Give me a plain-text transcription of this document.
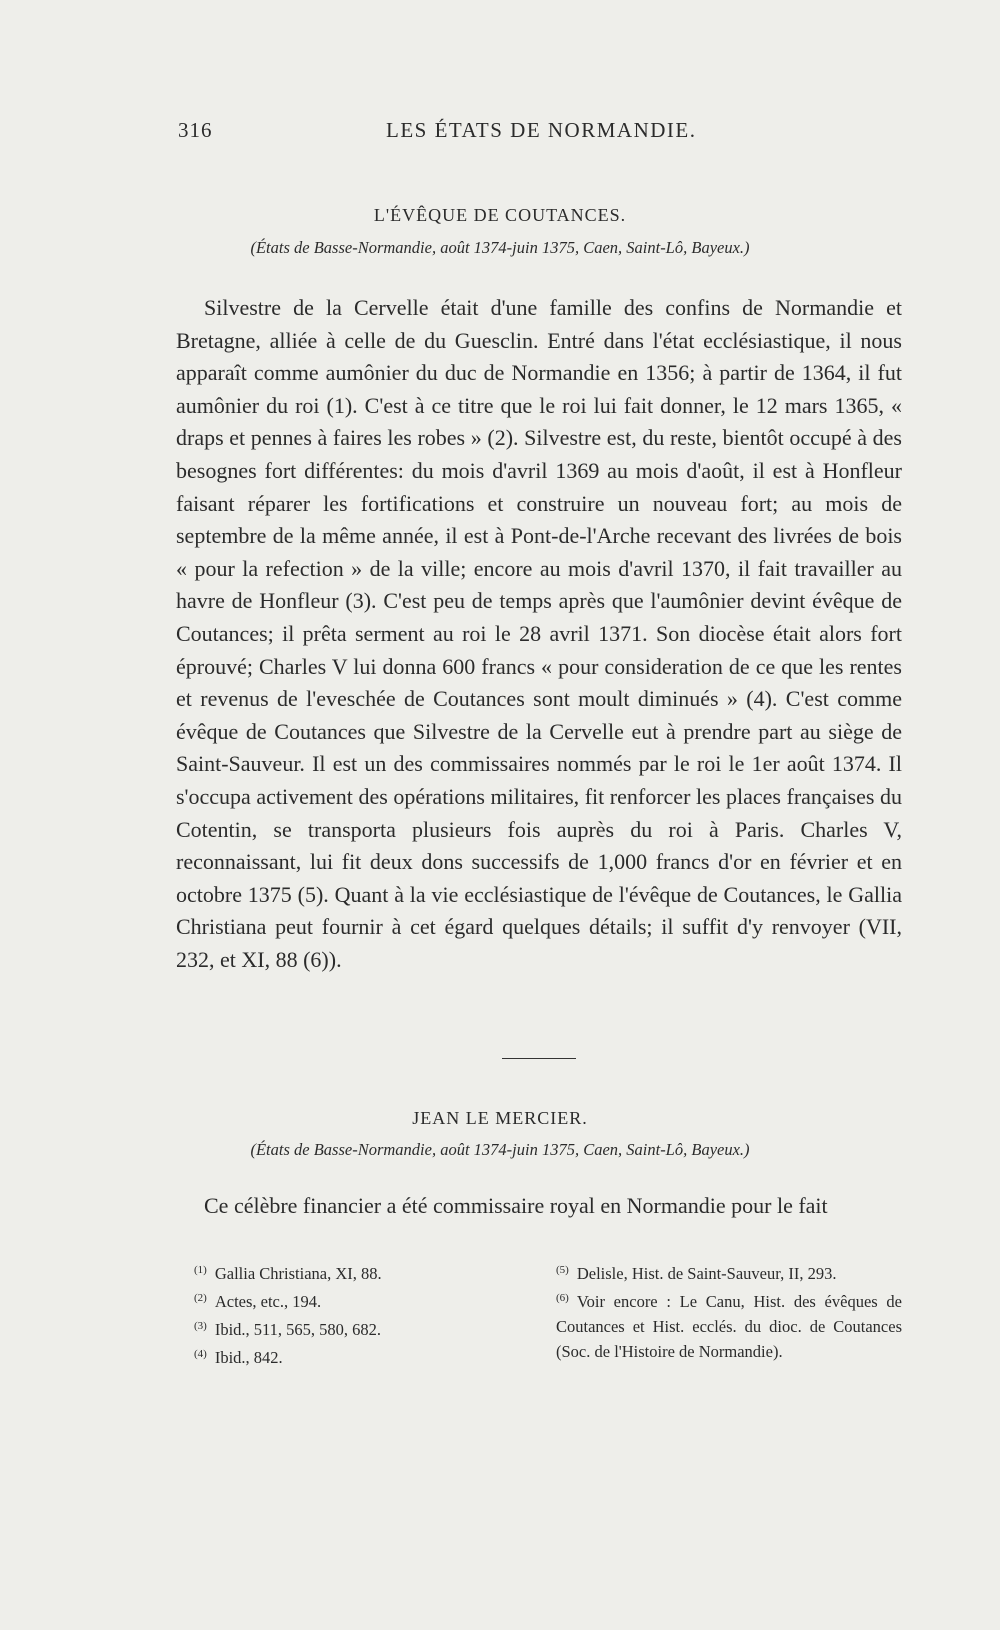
316	LES ÉTATS DE NORMANDIE.
L'ÉVÊQUE DE COUTANCES.
(États de Basse-Normandie, août 1374-juin 1375, Caen, Saint-Lô, Bayeux.)

Silvestre de la Cervelle était d'une famille des confins de Normandie et Bretagne, alliée à celle de du Guesclin. Entré dans l'état ecclésiastique, il nous apparaît comme aumônier du duc de Normandie en 1356; à partir de 1364, il fut aumônier du roi (1). C'est à ce titre que le roi lui fait donner, le 12 mars 1365, « draps et pennes à faires les robes » (2). Silvestre est, du reste, bientôt occupé à des besognes fort différentes: du mois d'avril 1369 au mois d'août, il est à Honfleur faisant réparer les fortifications et construire un nouveau fort; au mois de septembre de la même année, il est à Pont-de-l'Arche recevant des livrées de bois « pour la refection » de la ville; encore au mois d'avril 1370, il fait travailler au havre de Honfleur (3). C'est peu de temps après que l'aumônier devint évêque de Coutances; il prêta serment au roi le 28 avril 1371. Son diocèse était alors fort éprouvé; Charles V lui donna 600 francs « pour consideration de ce que les rentes et revenus de l'eveschée de Coutances sont moult diminués » (4). C'est comme évêque de Coutances que Silvestre de la Cervelle eut à prendre part au siège de Saint-Sauveur. Il est un des commissaires nommés par le roi le 1er août 1374. Il s'occupa activement des opérations militaires, fit renforcer les places françaises du Cotentin, se transporta plusieurs fois auprès du roi à Paris. Charles V, reconnaissant, lui fit deux dons successifs de 1,000 francs d'or en février et en octobre 1375 (5). Quant à la vie ecclésiastique de l'évêque de Coutances, le Gallia Christiana peut fournir à cet égard quelques détails; il suffit d'y renvoyer (VII, 232, et XI, 88 (6)).

JEAN LE MERCIER.
(États de Basse-Normandie, août 1374-juin 1375, Caen, Saint-Lô, Bayeux.)

Ce célèbre financier a été commissaire royal en Normandie pour le fait

$^{(1)}$ Gallia Christiana, XI, 88.

$^{(2)}$ Actes, etc., 194.

$^{(3)}$ Ibid., 511, 565, 580, 682.

$^{(4)}$ Ibid., 842.

$^{(5)}$ Delisle, Hist. de Saint-Sauveur, II, 293.

$^{(6)}$ Voir encore : Le Canu, Hist. des évêques de Coutances et Hist. ecclés. du dioc. de Coutances (Soc. de l'Histoire de Normandie).
